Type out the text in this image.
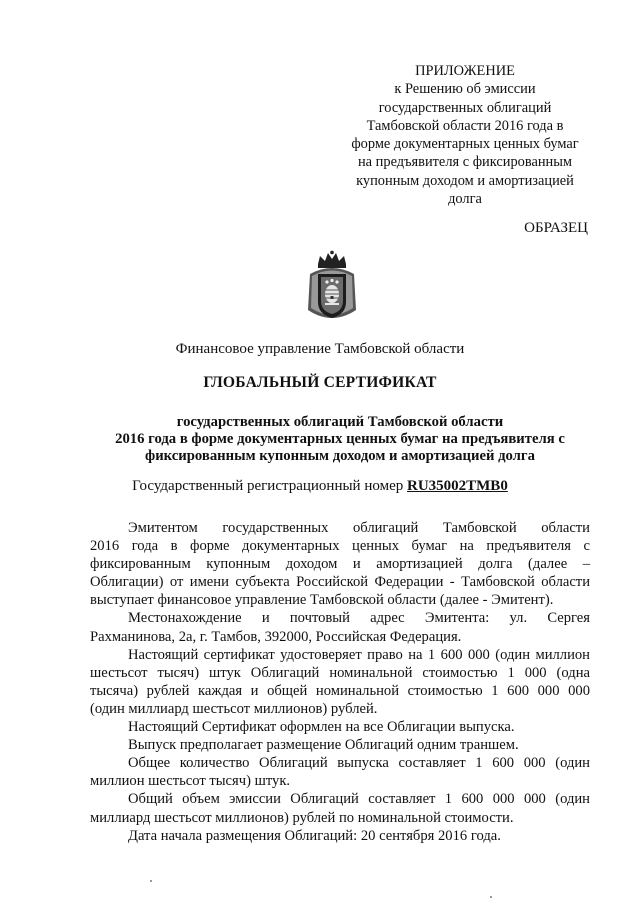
ПРИЛОЖЕНИЕ
к Решению об эмиссии
государственных облигаций
Тамбовской области 2016 года в
форме документарных ценных бумаг
на предъявителя с фиксированным
купонным доходом и амортизацией
долга
ОБРАЗЕЦ
Финансовое управление Тамбовской области
ГЛОБАЛЬНЫЙ СЕРТИФИКАТ
государственных облигаций Тамбовской области
2016 года в форме документарных ценных бумаг на предъявителя с
фиксированным купонным доходом и амортизацией долга
Государственный регистрационный номер RU35002TMB0
Эмитентом государственных облигаций Тамбовской области
2016 года в форме документарных ценных бумаг на предъявителя с
фиксированным купонным доходом и амортизацией долга (далее –
Облигации) от имени субъекта Российской Федерации - Тамбовской области
выступает финансовое управление Тамбовской области (далее - Эмитент).
Местонахождение и почтовый адрес Эмитента: ул. Сергея
Рахманинова, 2а, г. Тамбов, 392000, Российская Федерация.
Настоящий сертификат удостоверяет право на 1 600 000 (один миллион
шестьсот тысяч) штук Облигаций номинальной стоимостью 1 000 (одна
тысяча) рублей каждая и общей номинальной стоимостью 1 600 000 000
(один миллиард шестьсот миллионов) рублей.
Настоящий Сертификат оформлен на все Облигации выпуска.
Выпуск предполагает размещение Облигаций одним траншем.
Общее количество Облигаций выпуска составляет 1 600 000 (один
миллион шестьсот тысяч) штук.
Общий объем эмиссии Облигаций составляет 1 600 000 000 (один
миллиард шестьсот миллионов) рублей по номинальной стоимости.
Дата начала размещения Облигаций: 20 сентября 2016 года.
